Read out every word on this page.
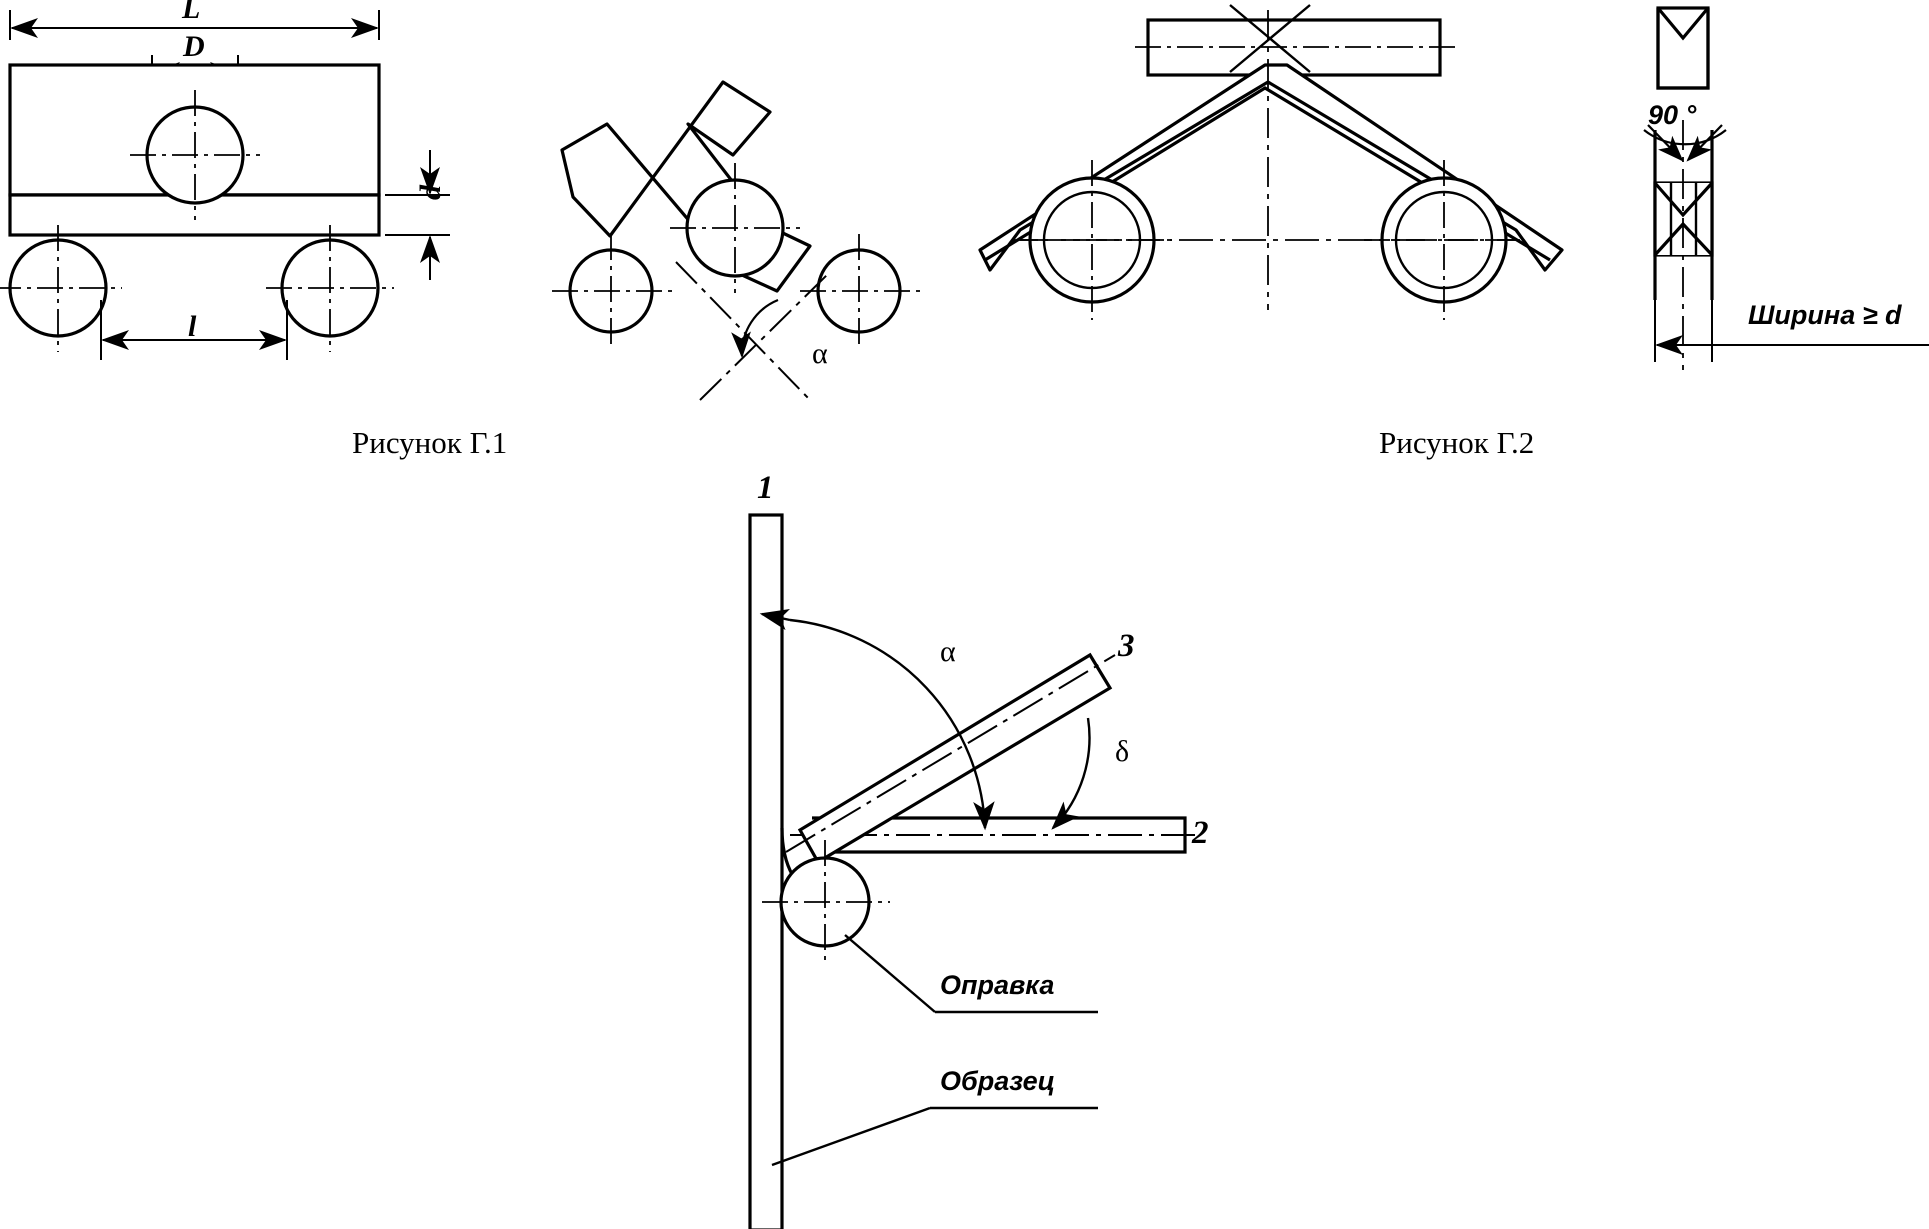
Рисунок Г.1	Рисунок Г.2
L
D
d
l
α
90 °
Ширина ≥ d
1
2
3
α
δ
Оправка
Образец
